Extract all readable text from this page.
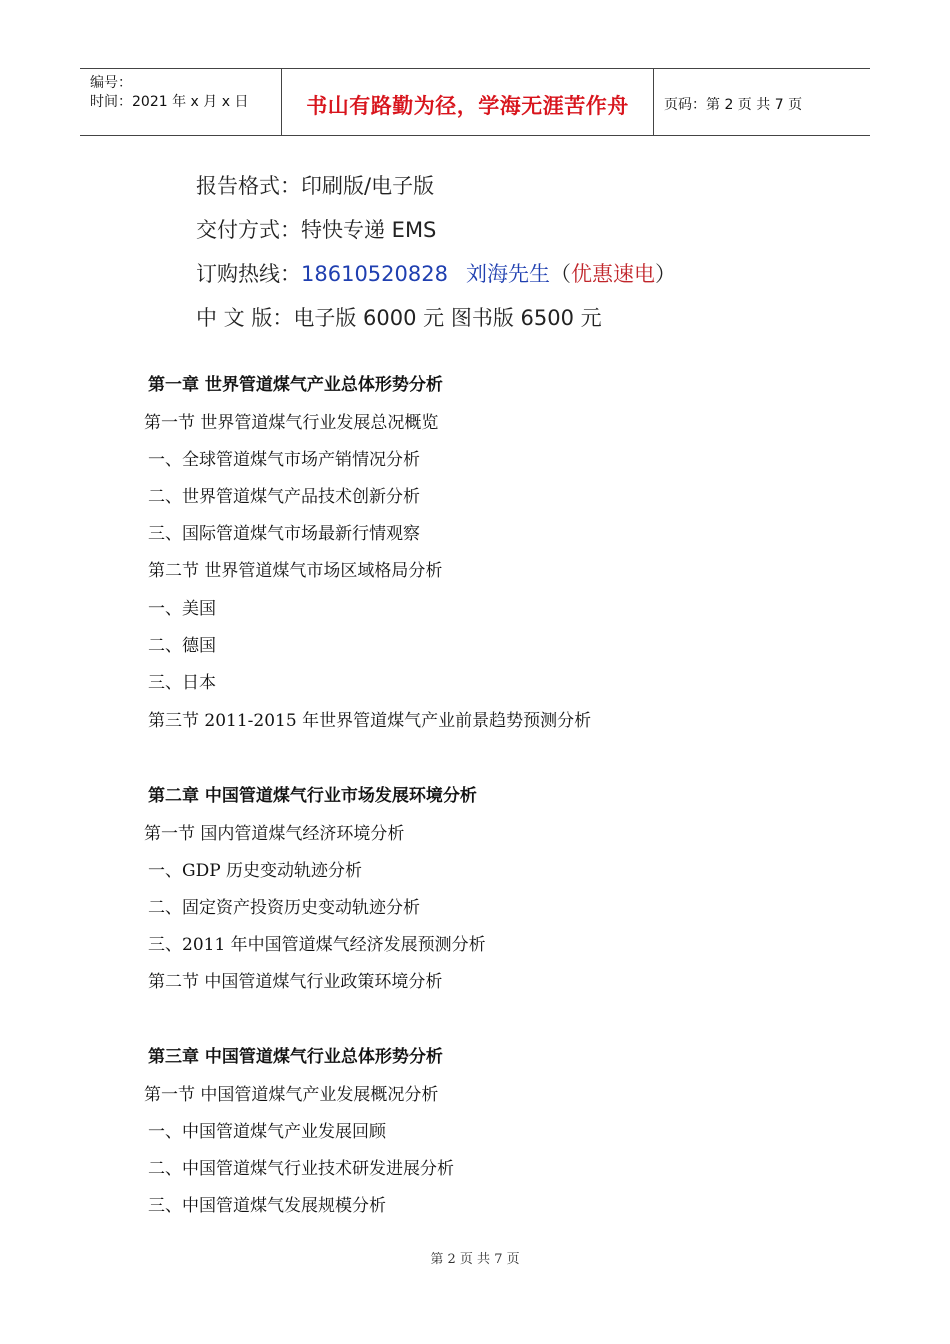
编号：
时间：2021 年 x 月 x 日	书山有路勤为径，学海无涯苦作舟	页码：第 2 页 共 7 页
报告格式：印刷版/电子版
交付方式：特快专递 EMS
订购热线：18610520828 刘海先生（优惠速电）
中 文 版：电子版 6000 元 图书版 6500 元
第一章 世界管道煤气产业总体形势分析
第一节 世界管道煤气行业发展总况概览
一、全球管道煤气市场产销情况分析
二、世界管道煤气产品技术创新分析
三、国际管道煤气市场最新行情观察
第二节 世界管道煤气市场区域格局分析
一、美国
二、德国
三、日本
第三节 2011-2015 年世界管道煤气产业前景趋势预测分析
第二章 中国管道煤气行业市场发展环境分析
第一节 国内管道煤气经济环境分析
一、GDP 历史变动轨迹分析
二、固定资产投资历史变动轨迹分析
三、2011 年中国管道煤气经济发展预测分析
第二节 中国管道煤气行业政策环境分析
第三章 中国管道煤气行业总体形势分析
第一节 中国管道煤气产业发展概况分析
一、中国管道煤气产业发展回顾
二、中国管道煤气行业技术研发进展分析
三、中国管道煤气发展规模分析
第 2 页 共 7 页
